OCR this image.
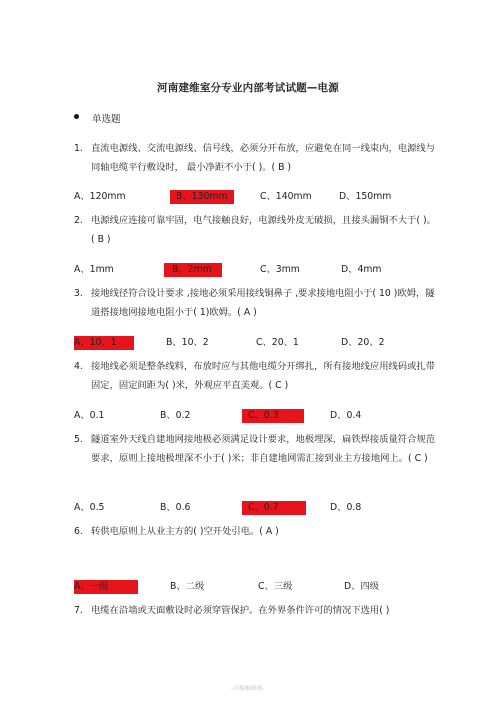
河南建维室分专业内部考试试题—电源
单选题
1. 直流电源线、交流电源线、信号线，必须分开布放，应避免在同一线束内，电源线与同轴电缆平行敷设时， 最小净距不小于( )。( B )
A、120mm	B、130mm	C、140mm	D、150mm
2. 电源线应连接可靠牢固，电气接触良好，电源线外皮无破损，且接头漏铜不大于( )。( B )
A、1mm	B、2mm	C、3mm	D、4mm
3. 接地线径符合设计要求 ,接地必须采用接线铜鼻子 ,要求接地电阻小于( 10 )欧姆，隧道搭接地网接地电阻小于( 1)欧姆。( A )
A、10、1	B、10、2	C、20、1	D、20、2
4. 接地线必须是整条线料，布放时应与其他电缆分开绑扎，所有接地线应用线码或扎带固定，固定间距为( )米，外观应平直美观。( C )
A、0.1	B、0.2	C、0.3	D、0.4
5. 隧道室外天线自建地网接地极必须满足设计要求，地极埋深，扁铁焊接质量符合规范要求，原则上接地极埋深不小于( )米；非自建地网需汇接到业主方接地网上。( C )
A、0.5	B、0.6	C、0.7	D、0.8
6. 转供电原则上从业主方的( )空开处引电。( A )
A、一级	B、二级	C、三级	D、四级
7. 电缆在沿墙或天面敷设时必须穿管保护。在外界条件许可的情况下选用( )
-可编辑修改-
